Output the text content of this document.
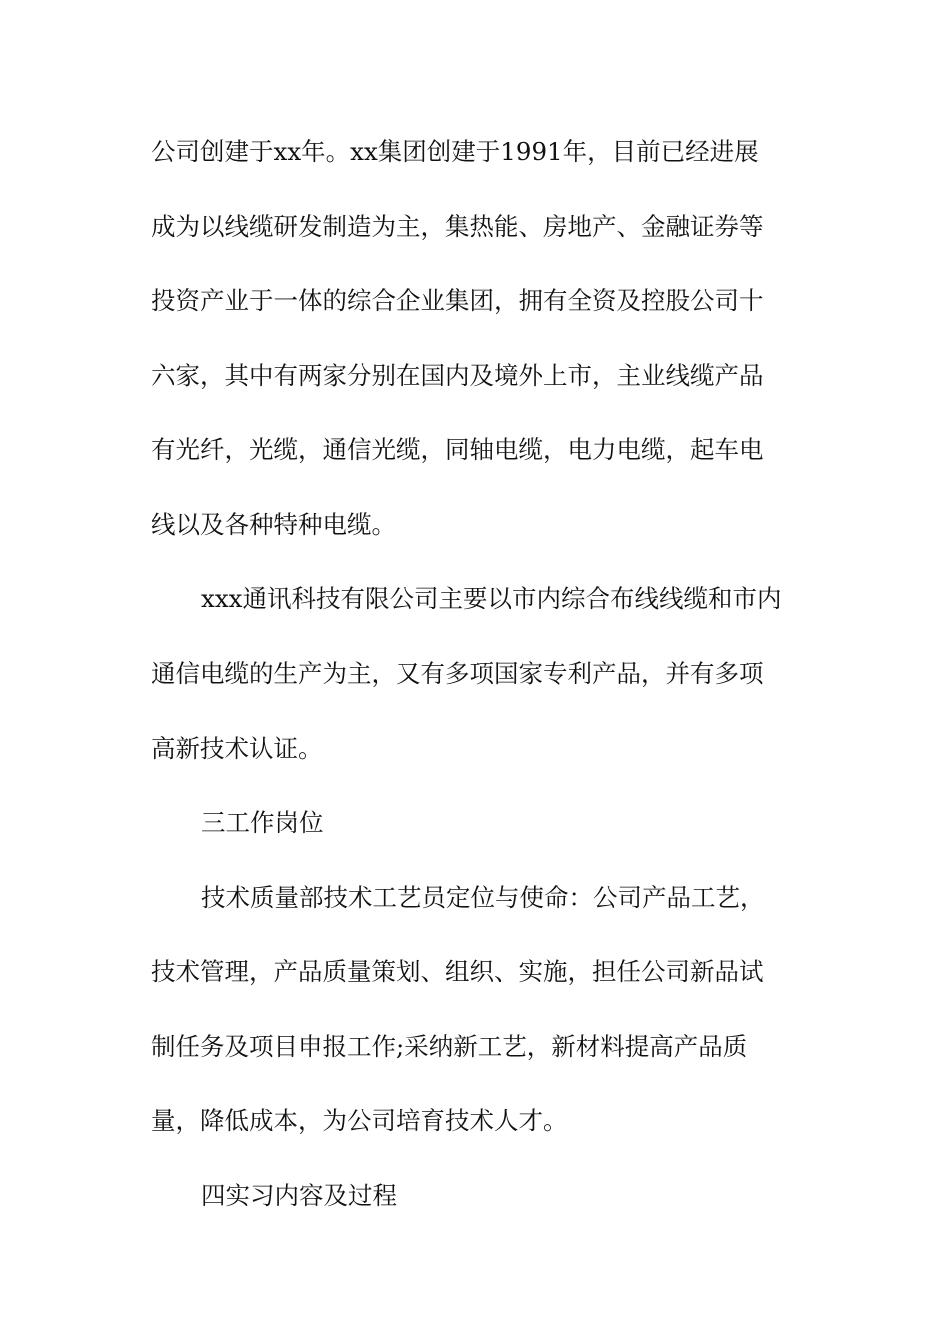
公司创建于xx年。xx集团创建于1991年，目前已经进展
成为以线缆研发制造为主，集热能、房地产、金融证券等
投资产业于一体的综合企业集团，拥有全资及控股公司十
六家，其中有两家分别在国内及境外上市，主业线缆产品
有光纤，光缆，通信光缆，同轴电缆，电力电缆，起车电
线以及各种特种电缆。
xxx通讯科技有限公司主要以市内综合布线线缆和市内
通信电缆的生产为主，又有多项国家专利产品，并有多项
高新技术认证。
三工作岗位
技术质量部技术工艺员定位与使命：公司产品工艺，
技术管理，产品质量策划、组织、实施，担任公司新品试
制任务及项目申报工作;采纳新工艺，新材料提高产品质
量，降低成本，为公司培育技术人才。
四实习内容及过程
